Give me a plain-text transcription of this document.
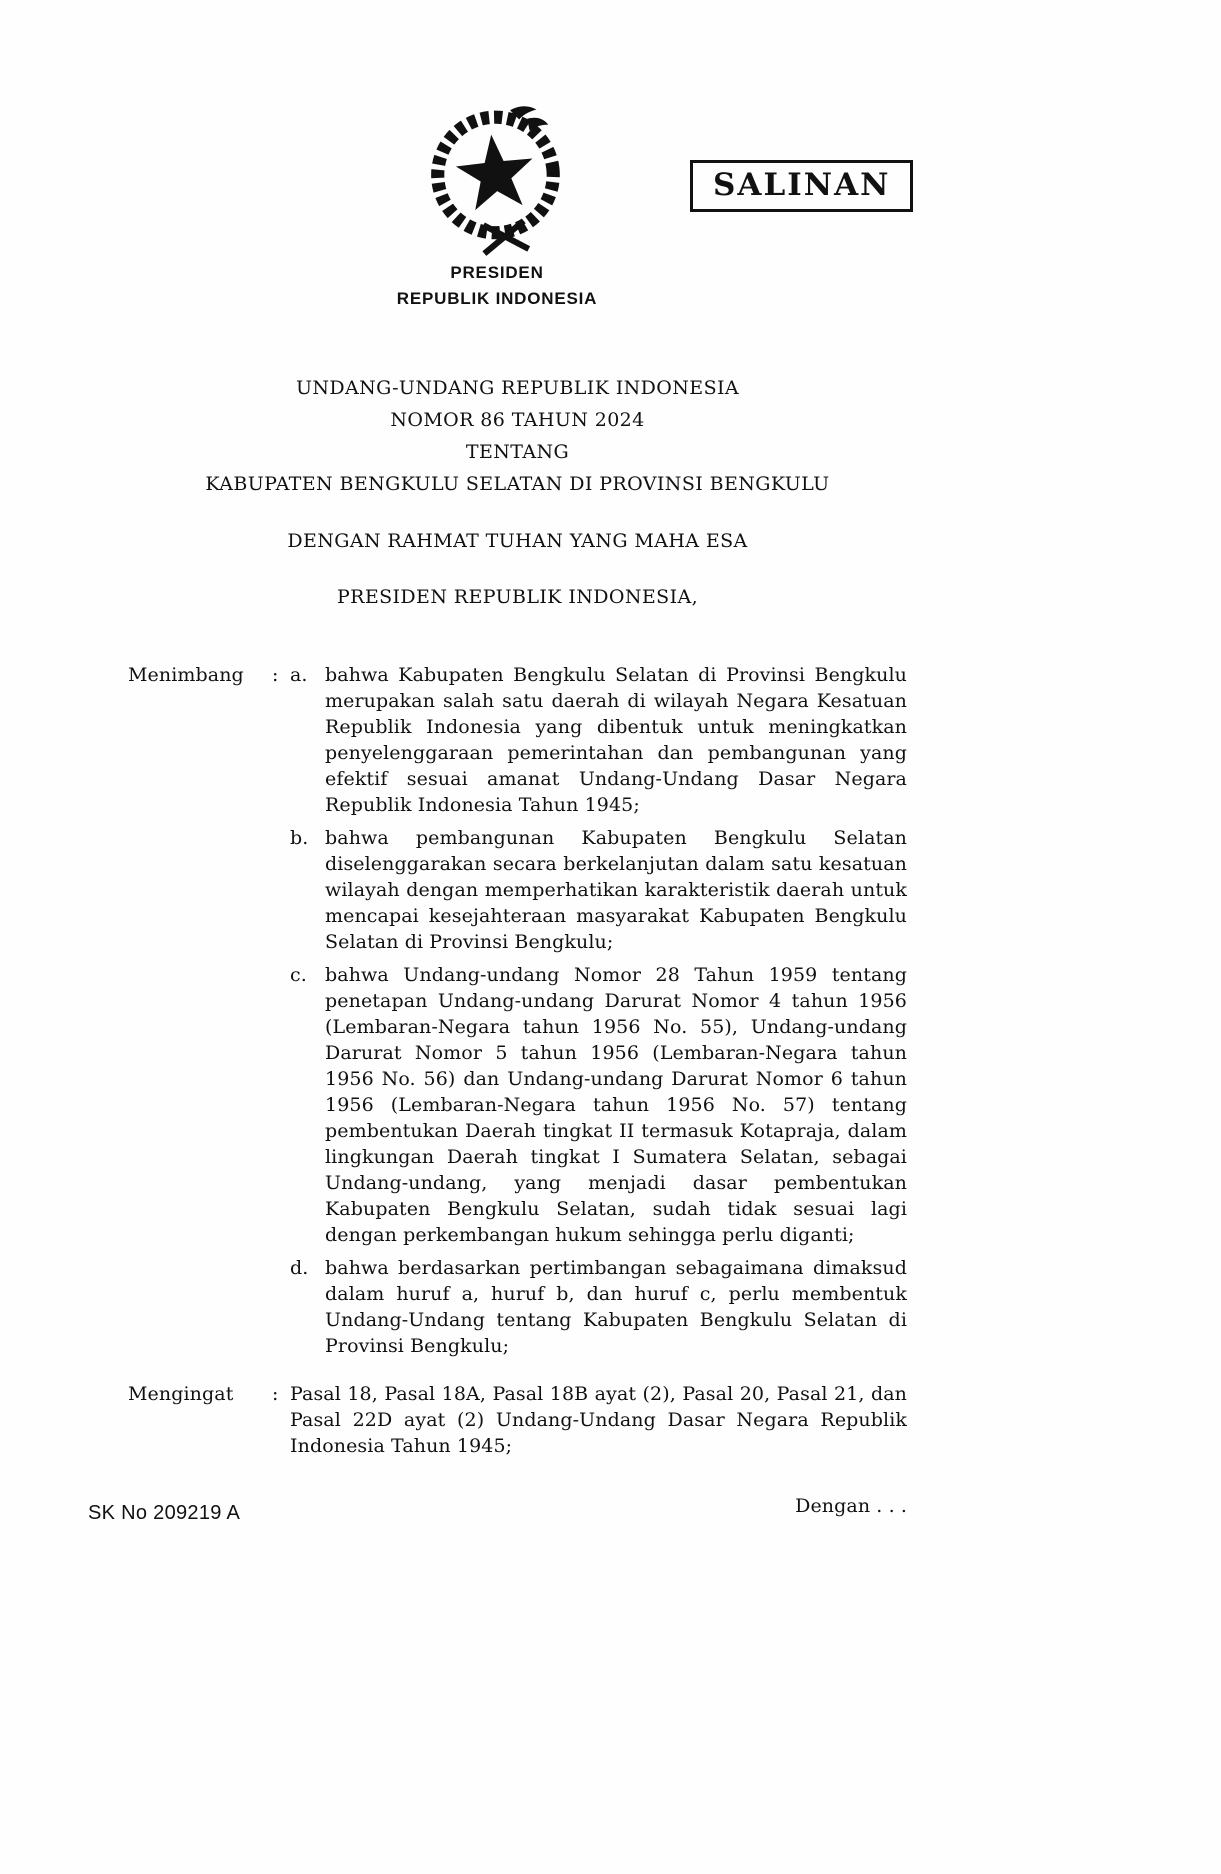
PRESIDEN
REPUBLIK INDONESIA
SALINAN
UNDANG-UNDANG REPUBLIK INDONESIA
NOMOR 86 TAHUN 2024
TENTANG
KABUPATEN BENGKULU SELATAN DI PROVINSI BENGKULU
DENGAN RAHMAT TUHAN YANG MAHA ESA
PRESIDEN REPUBLIK INDONESIA,
Menimbang	: a. bahwa Kabupaten Bengkulu Selatan di Provinsi Bengkulu merupakan salah satu daerah di wilayah Negara Kesatuan Republik Indonesia yang dibentuk untuk meningkatkan penyelenggaraan pemerintahan dan pembangunan yang efektif sesuai amanat Undang-Undang Dasar Negara Republik Indonesia Tahun 1945;
b. bahwa pembangunan Kabupaten Bengkulu Selatan diselenggarakan secara berkelanjutan dalam satu kesatuan wilayah dengan memperhatikan karakteristik daerah untuk mencapai kesejahteraan masyarakat Kabupaten Bengkulu Selatan di Provinsi Bengkulu;
c. bahwa Undang-undang Nomor 28 Tahun 1959 tentang penetapan Undang-undang Darurat Nomor 4 tahun 1956 (Lembaran-Negara tahun 1956 No. 55), Undang-undang Darurat Nomor 5 tahun 1956 (Lembaran-Negara tahun 1956 No. 56) dan Undang-undang Darurat Nomor 6 tahun 1956 (Lembaran-Negara tahun 1956 No. 57) tentang pembentukan Daerah tingkat II termasuk Kotapraja, dalam lingkungan Daerah tingkat I Sumatera Selatan, sebagai Undang-undang, yang menjadi dasar pembentukan Kabupaten Bengkulu Selatan, sudah tidak sesuai lagi dengan perkembangan hukum sehingga perlu diganti;
d. bahwa berdasarkan pertimbangan sebagaimana dimaksud dalam huruf a, huruf b, dan huruf c, perlu membentuk Undang-Undang tentang Kabupaten Bengkulu Selatan di Provinsi Bengkulu;
Mengingat	: Pasal 18, Pasal 18A, Pasal 18B ayat (2), Pasal 20, Pasal 21, dan Pasal 22D ayat (2) Undang-Undang Dasar Negara Republik Indonesia Tahun 1945;
Dengan . . .
SK No 209219 A
